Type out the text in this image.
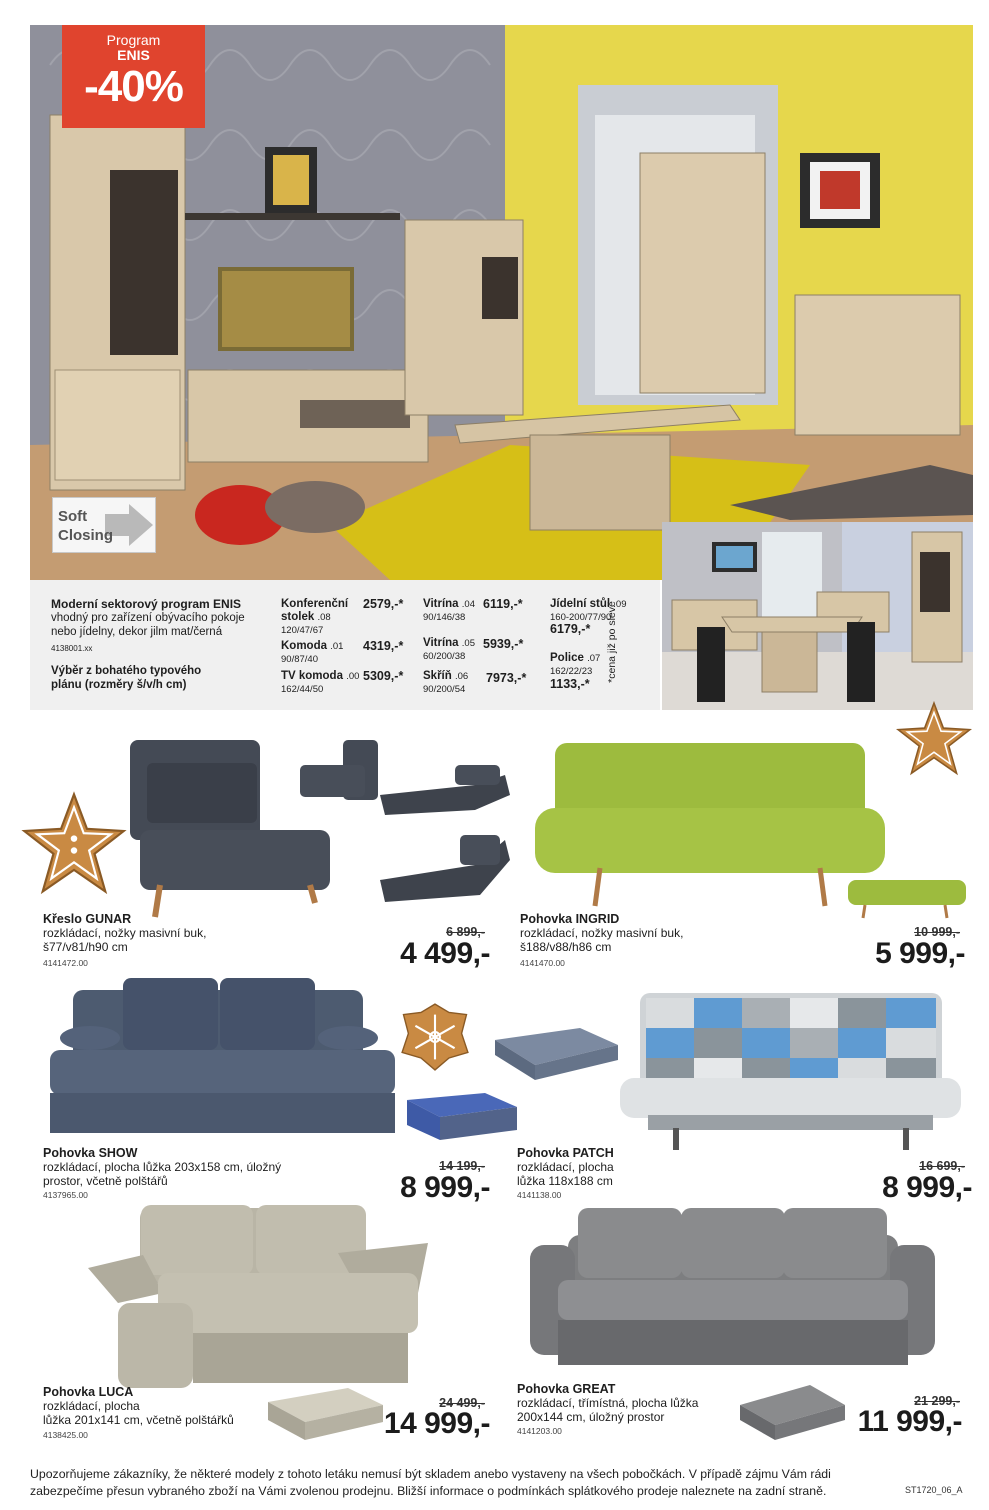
Program
ENIS
-40%
Soft
Closing
Moderní sektorový program ENIS
vhodný pro zařízení obývacího pokoje
nebo jídelny, dekor jilm mat/černá
4138001.xx
Výběr z bohatého typového
plánu (rozměry š/v/h cm)
Konferenční
stolek .08
120/47/67
2579,-*
Komoda .01
90/87/40
4319,-*
TV komoda .00
162/44/50
5309,-*
Vitrína .04
90/146/38
6119,-*
Vitrína .05
60/200/38
5939,-*
Skříň .06
90/200/54
7973,-*
Jídelní stůl .09
160-200/77/90
6179,-*
Police .07
162/22/23
1133,-*
*cena již po slevě
Křeslo GUNAR
rozkládací, nožky masivní buk,
š77/v81/h90 cm
4141472.00
6 899,-
4 499,-
Pohovka INGRID
rozkládací, nožky masivní buk,
š188/v88/h86 cm
4141470.00
10 999,-
5 999,-
Pohovka SHOW
rozkládací, plocha lůžka 203x158 cm, úložný
prostor, včetně polštářů
4137965.00
14 199,-
8 999,-
Pohovka PATCH
rozkládací, plocha
lůžka 118x188 cm
4141138.00
16 699,-
8 999,-
Pohovka LUCA
rozkládací, plocha
lůžka 201x141 cm, včetně polštářků
4138425.00
24 499,-
14 999,-
Pohovka GREAT
rozkládací, třímístná, plocha lůžka
200x144 cm, úložný prostor
4141203.00
21 299,-
11 999,-
Upozorňujeme zákazníky, že některé modely z tohoto letáku nemusí být skladem anebo vystaveny na všech pobočkách. V případě zájmu Vám rádi
zabezpečíme přesun vybraného zboží na Vámi zvolenou prodejnu. Bližší informace o podmínkách splátkového prodeje naleznete na zadní straně.	ST1720_06_A
